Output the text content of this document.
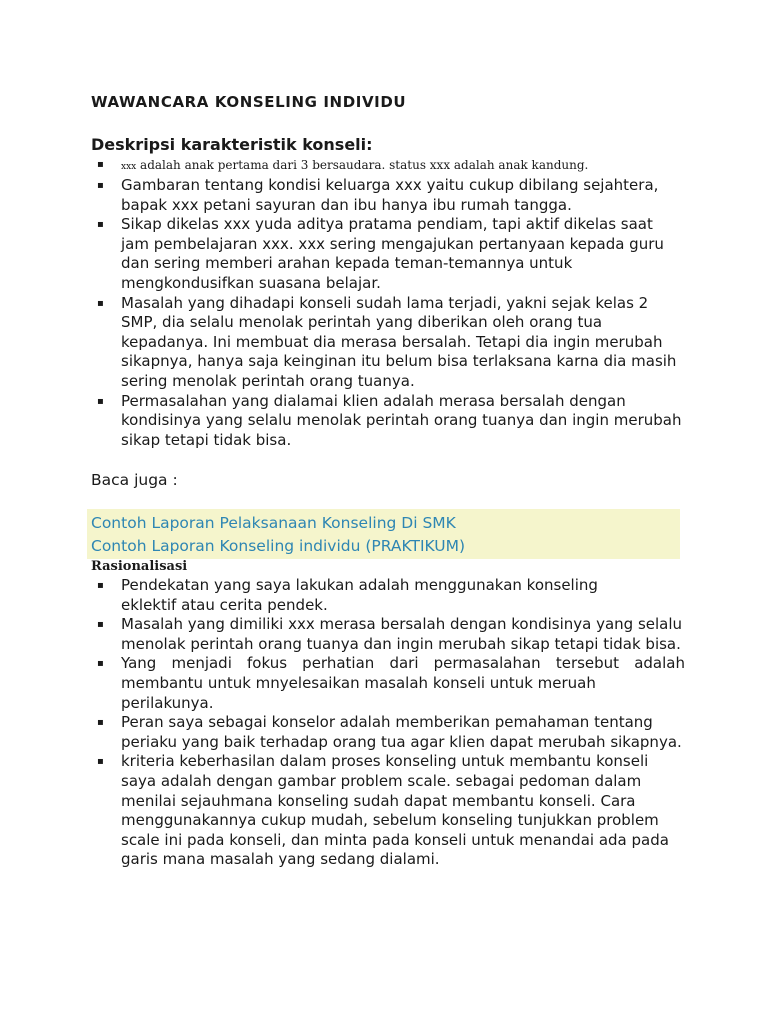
WAWANCARA KONSELING INDIVIDU
Deskripsi karakteristik konseli:
▪ xxx adalah anak pertama dari 3 bersaudara. status xxx adalah anak kandung.
▪ Gambaran tentang kondisi keluarga xxx yaitu cukup dibilang sejahtera, bapak xxx petani sayuran dan ibu hanya ibu rumah tangga.
▪ Sikap dikelas xxx yuda aditya pratama pendiam, tapi aktif dikelas saat jam pembelajaran xxx. xxx sering mengajukan pertanyaan kepada guru dan sering memberi arahan kepada teman-temannya untuk mengkondusifkan suasana belajar.
▪ Masalah yang dihadapi konseli sudah lama terjadi, yakni sejak kelas 2 SMP, dia selalu menolak perintah yang diberikan oleh orang tua kepadanya. Ini membuat dia merasa bersalah. Tetapi dia ingin merubah sikapnya, hanya saja keinginan itu belum bisa terlaksana karna dia masih sering menolak perintah orang tuanya.
▪ Permasalahan yang dialamai klien adalah merasa bersalah dengan kondisinya yang selalu menolak perintah orang tuanya dan ingin merubah sikap tetapi tidak bisa.
Baca juga :
Contoh Laporan Pelaksanaan Konseling Di SMK
Contoh Laporan Konseling individu (PRAKTIKUM)
Rasionalisasi
▪ Pendekatan yang saya lakukan adalah menggunakan konseling
eklektif atau cerita pendek.
▪ Masalah yang dimiliki xxx merasa bersalah dengan kondisinya yang selalu menolak perintah orang tuanya dan ingin merubah sikap tetapi tidak bisa.
▪ Yang menjadi fokus perhatian dari permasalahan tersebut adalah membantu untuk mnyelesaikan masalah konseli untuk meruah
perilakunya.
▪ Peran saya sebagai konselor adalah memberikan pemahaman tentang periaku yang baik terhadap orang tua agar klien dapat merubah sikapnya.
▪ kriteria keberhasilan dalam proses konseling untuk membantu konseli saya adalah dengan gambar problem scale. sebagai pedoman dalam menilai sejauhmana konseling sudah dapat membantu konseli. Cara menggunakannya cukup mudah, sebelum konseling tunjukkan problem scale ini pada konseli, dan minta pada konseli untuk menandai ada pada garis mana masalah yang sedang dialami.
